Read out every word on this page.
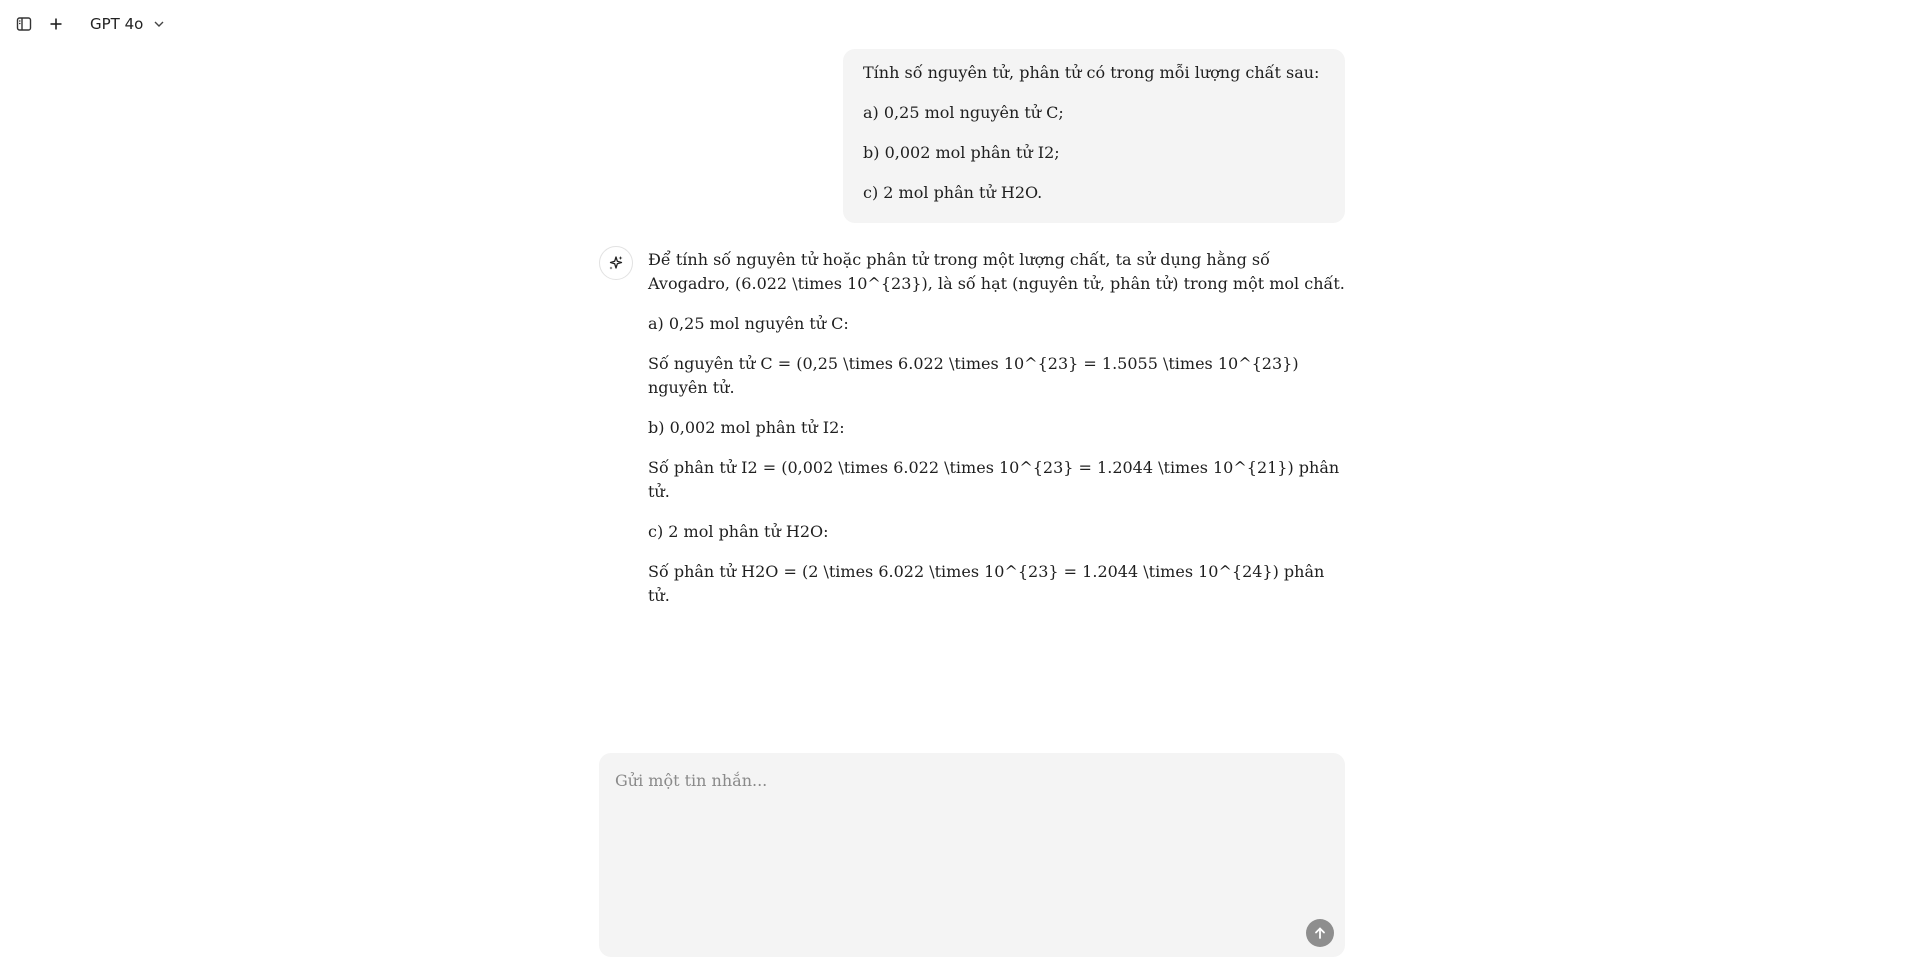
GPT 4o

Tính số nguyên tử, phân tử có trong mỗi lượng chất sau:

a) 0,25 mol nguyên tử C;

b) 0,002 mol phân tử I2;

c) 2 mol phân tử H2O.

Để tính số nguyên tử hoặc phân tử trong một lượng chất, ta sử dụng hằng số Avogadro, (6.022 \times 10^{23}), là số hạt (nguyên tử, phân tử) trong một mol chất.

a) 0,25 mol nguyên tử C:

Số nguyên tử C = (0,25 \times 6.022 \times 10^{23} = 1.5055 \times 10^{23}) nguyên tử.

b) 0,002 mol phân tử I2:

Số phân tử I2 = (0,002 \times 6.022 \times 10^{23} = 1.2044 \times 10^{21}) phân tử.

c) 2 mol phân tử H2O:

Số phân tử H2O = (2 \times 6.022 \times 10^{23} = 1.2044 \times 10^{24}) phân tử.

Gửi một tin nhắn...
